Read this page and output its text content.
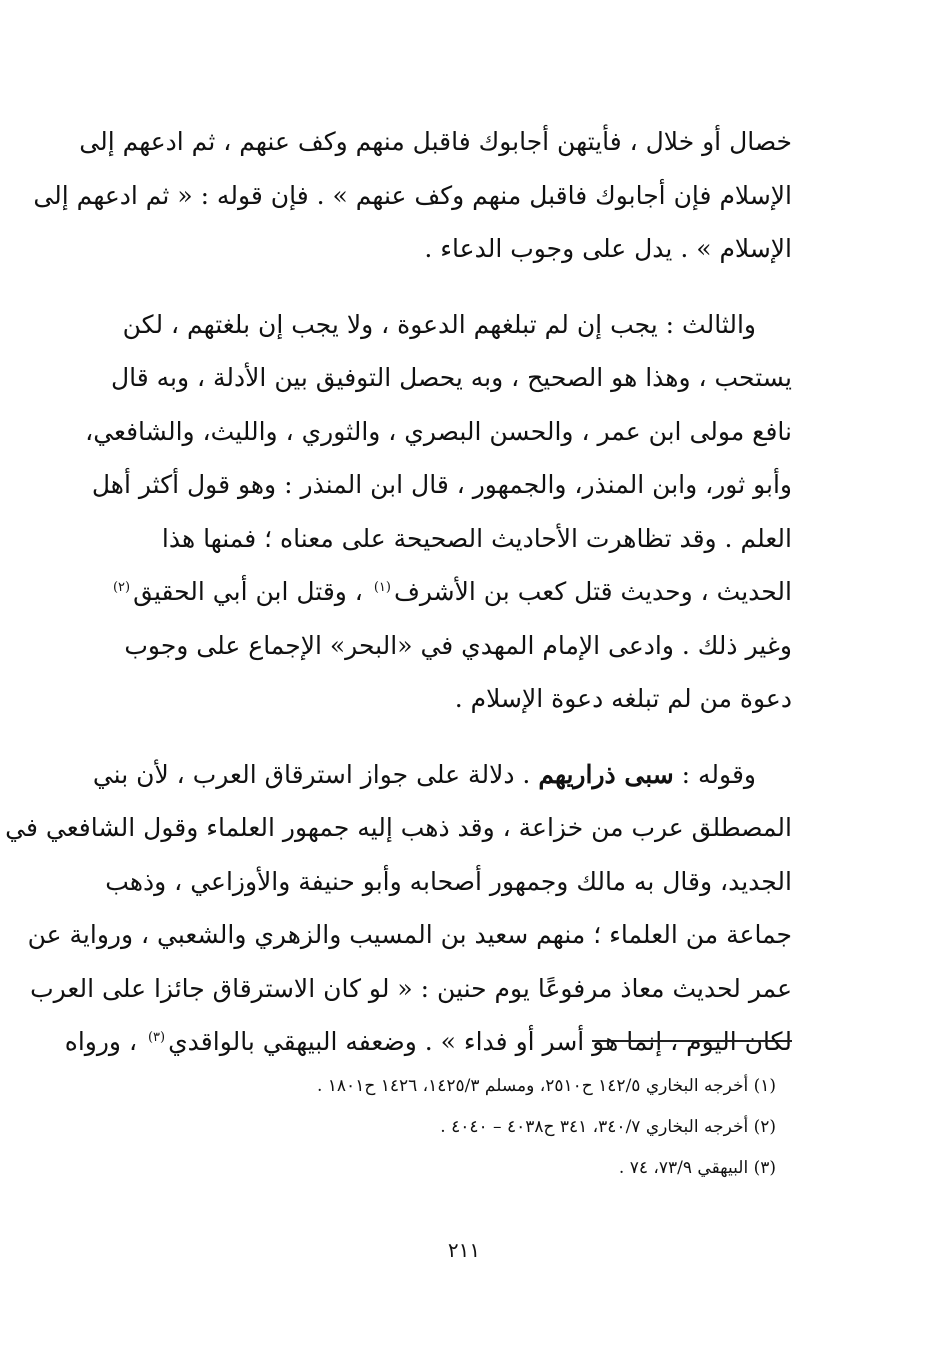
خصال أو خلال ، فأيتهن أجابوك فاقبل منهم وكف عنهم ، ثم ادعهم إلى
الإسلام فإن أجابوك فاقبل منهم وكف عنهم » . فإن قوله : « ثم ادعهم إلى
الإسلام » . يدل على وجوب الدعاء .

والثالث : يجب إن لم تبلغهم الدعوة ، ولا يجب إن بلغتهم ، لكن
يستحب ، وهذا هو الصحيح ، وبه يحصل التوفيق بين الأدلة ، وبه قال
نافع مولى ابن عمر ، والحسن البصري ، والثوري ، والليث، والشافعي،
وأبو ثور، وابن المنذر، والجمهور ، قال ابن المنذر : وهو قول أكثر أهل
العلم . وقد تظاهرت الأحاديث الصحيحة على معناه ؛ فمنها هذا
الحديث ، وحديث قتل كعب بن الأشرف$^{(١)}$ ، وقتل ابن أبي الحقيق$^{(٢)}$
وغير ذلك . وادعى الإمام المهدي في «البحر» الإجماع على وجوب
دعوة من لم تبلغه دعوة الإسلام .

وقوله : سبى ذراريهم . دلالة على جواز استرقاق العرب ، لأن بني
المصطلق عرب من خزاعة ، وقد ذهب إليه جمهور العلماء وقول الشافعي في
الجديد، وقال به مالك وجمهور أصحابه وأبو حنيفة والأوزاعي ، وذهب
جماعة من العلماء ؛ منهم سعيد بن المسيب والزهري والشعبي ، ورواية عن
عمر لحديث معاذ مرفوعًا يوم حنين : « لو كان الاسترقاق جائزا على العرب
لكان اليوم ، إنما هو أسر أو فداء » . وضعفه البيهقي بالواقدي$^{(٣)}$ ، ورواه

(١) أخرجه البخاري ١٤٢/٥ ح٢٥١٠، ومسلم ١٤٢٥/٣، ١٤٢٦ ح١٨٠١ .
(٢) أخرجه البخاري ٣٤٠/٧، ٣٤١ ح٤٠٣٨ – ٤٠٤٠ .
(٣) البيهقي ٧٣/٩، ٧٤ .
٢١١
